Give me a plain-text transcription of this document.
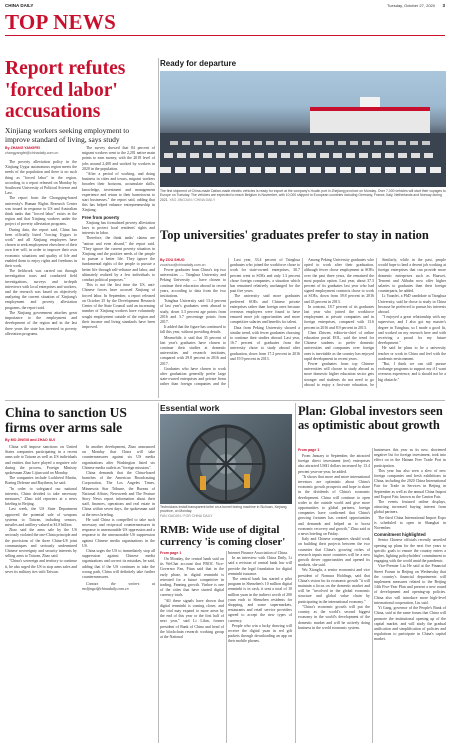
CHINA DAILY	Tuesday, October 27, 2020 3
TOP NEWS
Report refutes 'forced labor' accusations
Xinjiang workers seeking employment to improve standard of living, says study
By ZHANG YANGFEI
zhangyangfei@chinadaily.com.cn

The poverty alleviation policy in the Xinjiang Uygur autonomous region meets the needs of the population and there is no such thing as "forced labor" in the region, according to a report released on Monday by Southwest University of Political Science and Law.

The report from the Chongqing-based university's Human Rights Research Center was issued in response to US and Australian think tanks that "forced labor" exists in the region and that Xinjiang workers under the project of poverty alleviation programs.

During data, the report said, China has been officially listed "forcing Uygurs to work" and all Xinjiang employees have chosen to seek employment elsewhere of their own free will, in order to improve their own economic situations and quality of life and enabled them to enjoy rights and freedoms in their work.

The fieldwork was carried out through investigation tours and conducted field investigations, surveys and in-depth interviews with local enterprises and workers, and the research was based on objectively analyzing the current situation of Xinjiang's employment and poverty alleviation programs, the report said.

The Xinjiang government attaches great importance to the employment and development of the region and in the last three years the state has invested in poverty alleviation programs.

The survey showed that 84 percent of migrant workers went to the 2,201 native main points to earn money, with the 2018 level of jobs around 2,400 and worked by workers in 2020 in the population.

"After a period of working, and doing business in cities and towns, migrant workers broaden their horizons, accumulate skills, knowledge, investment and management experience and return to their hometowns to start businesses." the report said, adding that this has helped enhance entrepreneurship in Xinjiang.

Free from poverty

Xinjiang has formulated poverty alleviation laws to protect local residents' rights and interests in labor.

Therefore, the think tanks' claims are "untrue and even absurd," the report said. "They ignore the current poverty situation in Xinjiang and the positive needs of the people to pursue a better life. They ignore the fundamental rights of the people to pursue a better life through self-reliance and labor, and ultimately realized by a few individuals to conduct political purposes."

This is not the first time the US, anti-Chinese forces have accused Xinjiang of forced labor. In September, a report released on October 25 by the Development Research Center of the State Council said an increasing number of Xinjiang workers have voluntarily sought employment outside of the region and their income and living standards have been improved.

Ready for departure
The first shipment of China-made Dalian-made electric vehicles is ready for export at the company's Hualin port in Zhejiang province on Monday. Over 7,000 vehicles will start their voyages to Europe on Tuesday. The vehicles are expected to reach Belgium in November, with 10,000 shipped to European countries including Germany, France, Italy, Netherlands and Norway during 2021. YAO JINGJUN / CHINA DAILY
Top universities' graduates prefer to stay in nation
By ZOU SHUO
zoushuo@chinadaily.com.cn

Fewer graduates from China's top two universities — Tsinghua University and Peking University — have chosen to continue their education abroad in recent years, according to data from the two institutions.

Tsinghua University said 13.4 percent of last year's graduates went abroad to study, down 3.3 percent age points from 2016 and 3.7 percentage points from 2017.

It added that the figure has continued to fall this year, without providing details.

Meanwhile, it said that 35 percent of last year's graduates have chosen to continue their studies at domestic universities and research institutes, compared with 29.8 percent in 2016 and 2017.

Graduates who have chosen to work after graduation generally prefer large state-owned enterprises and private firms rather than foreign companies and the

Last year, 33.4 percent of Tsinghua graduates who joined the workforce chose to work for state-owned enterprises, 30.7 percent went to SOEs and only 1.3 percent chose foreign companies, a situation which has remained relatively unchanged for the past five years.

The university said more graduates preferred SOEs and Chinese private enterprises rather than foreign ones because overseas employers were found to have ensured more job opportunities and more competitive salaries and benefits for talent.

Data from Peking University showed a similar trend, with fewer graduates choosing to continue their studies abroad. Last year, 16.7 percent of graduates from the university chose to study abroad after graduation, down from 17.2 percent in 2016 and 19.9 percent in 2013.

Among Peking University graduates who opted to work after their graduation, although fewer chose employment at SOEs over the past three years, the remained the most popular option. Last year, about 37.3 percent of its graduates last year who had signed employment contracts chose to work at SOEs, down from 39.8 percent in 2016 and 43 percent in 2013.

In contrast, 18.7 percent of its graduates last year who joined the workforce employment at private companies and in foreign enterprises, compared with 13.6 percent in 2016 and 8.9 percent in 2013.

Chen Zhiwen, editor-in-chief of online education portal EOL, said the trend for Chinese students to prefer domestic universities and companies over foreign ones is inevitable as the country has enjoyed rapid development in recent years.

Fewer graduates from top Chinese universities will choose to study abroad as more domestic higher education sector gets stronger and students do not need to go abroad to enjoy a first-rate education, he

Similarly, while in the past, people would hope to land a decent job working at foreign enterprises that can provide more domestic enterprises such as Huawei, Tencent and Alibaba now offer higher salaries to graduates than their foreign counterparts, he added.

Li Yuanfei, a PhD candidate at Tsinghua University, said he chose to study in China because he preferred to pursue his interests abroad.

"I enjoyed a great relationship with my supervisor, and I also got my master's degree in Tsinghua, so I made a good fit, and worked on my research here and with receiving a proud for my future development."

He said he plans to be a university teacher or work in China and feel with the academic environment.

"But, I think we can still pursue exchange programs to support my if I want overseas experience, and it should not be a big obstacle."

Essential work
Technicians install transparent to/be on a tunnel boring machine in Sichuan, Xinjiang province, on Monday.
FAN XIAOJIN / FOR CHINA DAILY
China to sanction US firms over arms sale
By MO JINGXI and ZHAO SUI

China will impose sanctions on United States companies participating in a recent arms sale to Taiwan as well as US individuals and entities that have played a negative role during the process, Foreign Ministry spokesman Zhao Lijian said on Monday.

The companies include Lockheed Martin, Boeing Defense and Raytheon, he said.

"In order to safeguard our national interests, China decided to take necessary measures," Zhao told reporters at a news briefing in Beijing.

Last week, the US State Department approved the potential sale of weapons systems to Taiwan, including sensors, missiles and artillery valued at $1.8 billion.

Zhao said the arms sale by the US seriously violated the one-China principle and the provisions of the three China-US joint communiques and seriously undermined Chinese sovereignty and security interests by selling arms to Taiwan, Zhao said.

"China's sovereign and territory to continue it, he also urged the US to stop arms sales and sever its military ties with Taiwan.

In another development, Zhao announced on Monday that China will take countermeasures against six US media organizations after Washington listed six Chinese media outlets as "foreign missions".

China demands that the China-based branches of the American Broadcasting Corporation, The Los Angeles Times, Minnesota Star Tribune, the Bureau of National Affairs, Newsweek and The Feature Story News report information about their staff, finances, operations and real estate in China within seven days, the spokesman said at the news briefing.

He said China is compelled to take such necessary and reciprocal countermeasures in response to unreasonable US oppression and a response to the unreasonable US suppression against Chinese media organizations in the US.

China urges the US to immediately stop all suppression against Chinese media organizations and correct its mistakes, he said, adding that if the US continues to take the wrong path, China will definitely take further countermeasures.

Contact the writers at moljingxi@chinadaily.com.cn

RMB: Wide use of digital currency 'is coming closer'
From page 1

On Monday, the central bank said on its WeChat account that PBOC Vice-Governor Fan, Fitan said that in the early phase, in digital renminbi is retreated for a future competitive in trading, Fanning growth. Vinhoe is one of the cities that have started digital currency trials.

"All these signals have shown that digital renminbi is coming closer, and the trial may expand to more areas by the end of this year or the first half of next year," said Li Lifan, former president of Bank of China and head of the blockchain research working group at the National

Internet Finance Association of China.

In an interview with China Daily, Li said a revision of central bank law will provide the legal foundation for digital renminbi issuance.

The central bank has started a pilot program in Shenzhen's 10 million digital renminbi is in cash, it sent a total of 10 million yuan in the indirect worth of 200 yuan each to Shenzhen residents for shopping, and some supermarkets, restaurants and retail service providers agreed to accept the new types of currency.

People who win a lucky drawing will receive the digital yuan in red gift packets through downloading an app on their mobile phones.

Plan: Global investors seen as optimistic about growth
From page 1

From January to September, the attracted foreign direct investment (net) enterprises also attracted US$1 dollars increased by 13.4 percent year-on-year, he added.

"It shows that more and more international investors are optimistic about China's economic growth prospects and hope to share in the dividends of China's economic development. China will continue to open wider to the outside world and give more opportunities to global partners, foreign companies have confirmed that China's growing fortunes has created opportunities and demands and helped us to boost economic recovery and growth," Zhao said at a news briefing on Friday.

Italy and Chinese companies should work on building their projects between the two countries that China's growing riches of research inputs more countries will be a new growth driver opportunities and opened its markets, she said.

Wu Xiongfu, a senior economist and vice president of Nomura Holdings, said that China's vision for its economic growth "it will maintain a focus on the domestic market and will be "involved in the global economic structure and global value chain by participating in the international economy."

"China's economic growth will put the country as the world's second biggest economy in the world's development of the domestic market and will be actively doing business in the world economic system.

businesses this year as its new, shortened negative list for foreign investment, took into effect on in the Hainan Free Trade Port in participation.

This year has also seen a slew of new foreign companies and fresh exhibitions in China, including the 2020 China International Fair for Trade in Services in Beijing in September as well as the annual China Import and Export Fair, known as the Canton Fair.

The events featured online displays, attracting increased buying interest from global partners.

The third China International Import Expo is scheduled to open in Shanghai in November.

Commitment highlighted

Senior Chinese officials recently unveiled opening up plans for the next five years to specific goals to ensure the country enters a higher, lighting policyholders' commitment to engaging with the world amid the pandemic.

Vice-Premier Liu He said at the Financial Street Forum in Beijing on Wednesday that the country's financial departments will implement measures related to the Beijing 14th Five-Year Plan and present a new round of development and opening-up policies. China also will introduce more high-level international cooperation, Liu said.

Yi Gang, governor of the People's Bank of China, said at the same forum that China will promote the institutional opening up of the capital market, and will study the gradual unification and simplification of policies and regulations to participate in China's capital market.
